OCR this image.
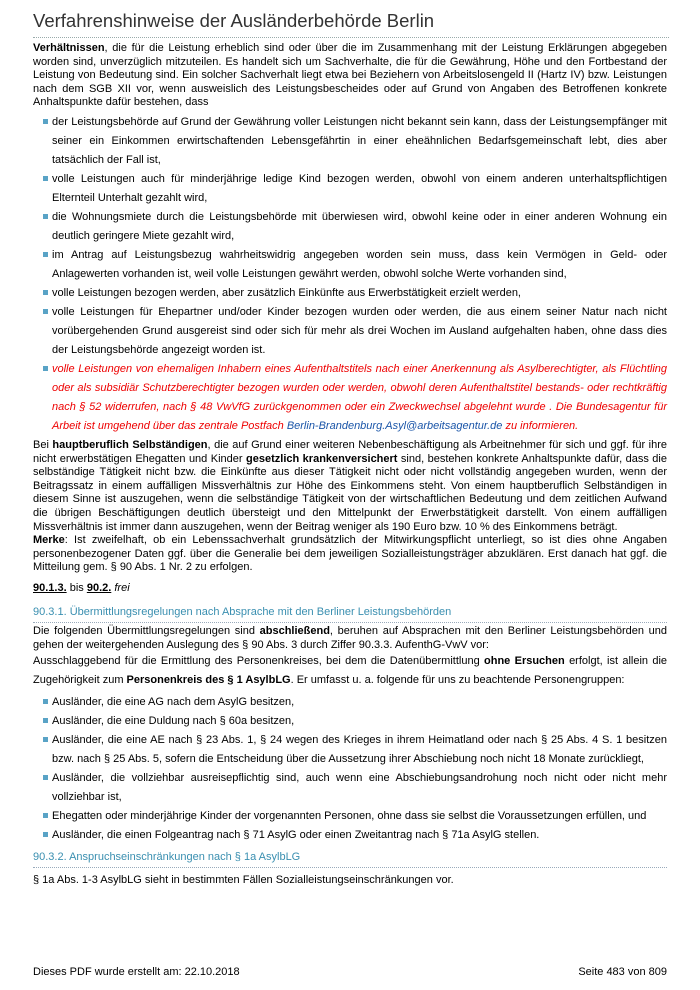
Verfahrenshinweise der Ausländerbehörde Berlin

Verhältnissen, die für die Leistung erheblich sind oder über die im Zusammenhang mit der Leistung Erklärungen abgegeben worden sind, unverzüglich mitzuteilen. Es handelt sich um Sachverhalte, die für die Gewährung, Höhe und den Fortbestand der Leistung von Bedeutung sind. Ein solcher Sachverhalt liegt etwa bei Beziehern von Arbeitslosengeld II (Hartz IV) bzw. Leistungen nach dem SGB XII vor, wenn ausweislich des Leistungsbescheides oder auf Grund von Angaben des Betroffenen konkrete Anhaltspunkte dafür bestehen, dass

der Leistungsbehörde auf Grund der Gewährung voller Leistungen nicht bekannt sein kann, dass der Leistungsempfänger mit seiner ein Einkommen erwirtschaftenden Lebensgefährtin in einer eheähnlichen Bedarfsgemeinschaft lebt, dies aber tatsächlich der Fall ist,
volle Leistungen auch für minderjährige ledige Kind bezogen werden, obwohl von einem anderen unterhaltspflichtigen Elternteil Unterhalt gezahlt wird,
die Wohnungsmiete durch die Leistungsbehörde mit überwiesen wird, obwohl keine oder in einer anderen Wohnung ein deutlich geringere Miete gezahlt wird,
im Antrag auf Leistungsbezug wahrheitswidrig angegeben worden sein muss, dass kein Vermögen in Geld- oder Anlagewerten vorhanden ist, weil volle Leistungen gewährt werden, obwohl solche Werte vorhanden sind,
volle Leistungen bezogen werden, aber zusätzlich Einkünfte aus Erwerbstätigkeit erzielt werden,
volle Leistungen für Ehepartner und/oder Kinder bezogen wurden oder werden, die aus einem seiner Natur nach nicht vorübergehenden Grund ausgereist sind oder sich für mehr als drei Wochen im Ausland aufgehalten haben, ohne dass dies der Leistungsbehörde angezeigt worden ist.
volle Leistungen von ehemaligen Inhabern eines Aufenthaltstitels nach einer Anerkennung als Asylberechtigter, als Flüchtling oder als subsidiär Schutzberechtigter bezogen wurden oder werden, obwohl deren Aufenthaltstitel bestands- oder rechtkräftig nach § 52 widerrufen, nach § 48 VwVfG zurückgenommen oder ein Zweckwechsel abgelehnt wurde . Die Bundesagentur für Arbeit ist umgehend über das zentrale Postfach Berlin-Brandenburg.Asyl@arbeitsagentur.de zu informieren.

Bei hauptberuflich Selbständigen, die auf Grund einer weiteren Nebenbeschäftigung als Arbeitnehmer für sich und ggf. für ihre nicht erwerbstätigen Ehegatten und Kinder gesetzlich krankenversichert sind, bestehen konkrete Anhaltspunkte dafür, dass die selbständige Tätigkeit nicht bzw. die Einkünfte aus dieser Tätigkeit nicht oder nicht vollständig angegeben wurden, wenn der Beitragssatz in einem auffälligen Missverhältnis zur Höhe des Einkommens steht. Von einem hauptberuflich Selbständigen in diesem Sinne ist auszugehen, wenn die selbständige Tätigkeit von der wirtschaftlichen Bedeutung und dem zeitlichen Aufwand die übrigen Beschäftigungen deutlich übersteigt und den Mittelpunkt der Erwerbstätigkeit darstellt. Von einem auffälligen Missverhältnis ist immer dann auszugehen, wenn der Beitrag weniger als 190 Euro bzw. 10 % des Einkommens beträgt.

Merke: Ist zweifelhaft, ob ein Lebenssachverhalt grundsätzlich der Mitwirkungspflicht unterliegt, so ist dies ohne Angaben personenbezogener Daten ggf. über die Generalie bei dem jeweiligen Sozialleistungsträger abzuklären. Erst danach hat ggf. die Mitteilung gem. § 90 Abs. 1 Nr. 2 zu erfolgen.

90.1.3. bis 90.2. frei

90.3.1. Übermittlungsregelungen nach Absprache mit den Berliner Leistungsbehörden

Die folgenden Übermittlungsregelungen sind abschließend, beruhen auf Absprachen mit den Berliner Leistungsbehörden und gehen der weitergehenden Auslegung des § 90 Abs. 3 durch Ziffer 90.3.3. AufenthG-VwV vor:

Ausschlaggebend für die Ermittlung des Personenkreises, bei dem die Datenübermittlung ohne Ersuchen erfolgt, ist allein die Zugehörigkeit zum Personenkreis des § 1 AsylbLG. Er umfasst u. a. folgende für uns zu beachtende Personengruppen:

Ausländer, die eine AG nach dem AsylG besitzen,
Ausländer, die eine Duldung nach § 60a besitzen,
Ausländer, die eine AE nach § 23 Abs. 1, § 24 wegen des Krieges in ihrem Heimatland oder nach § 25 Abs. 4 S. 1 besitzen bzw. nach § 25 Abs. 5, sofern die Entscheidung über die Aussetzung ihrer Abschiebung noch nicht 18 Monate zurückliegt,
Ausländer, die vollziehbar ausreisepflichtig sind, auch wenn eine Abschiebungsandrohung noch nicht oder nicht mehr vollziehbar ist,
Ehegatten oder minderjährige Kinder der vorgenannten Personen, ohne dass sie selbst die Voraussetzungen erfüllen, und
Ausländer, die einen Folgeantrag nach § 71 AsylG oder einen Zweitantrag nach § 71a AsylG stellen.
90.3.2. Anspruchseinschränkungen nach § 1a AsylbLG

§ 1a Abs. 1-3 AsylbLG sieht in bestimmten Fällen Sozialleistungseinschränkungen vor.

Dieses PDF wurde erstellt am: 22.10.2018	Seite 483 von 809
